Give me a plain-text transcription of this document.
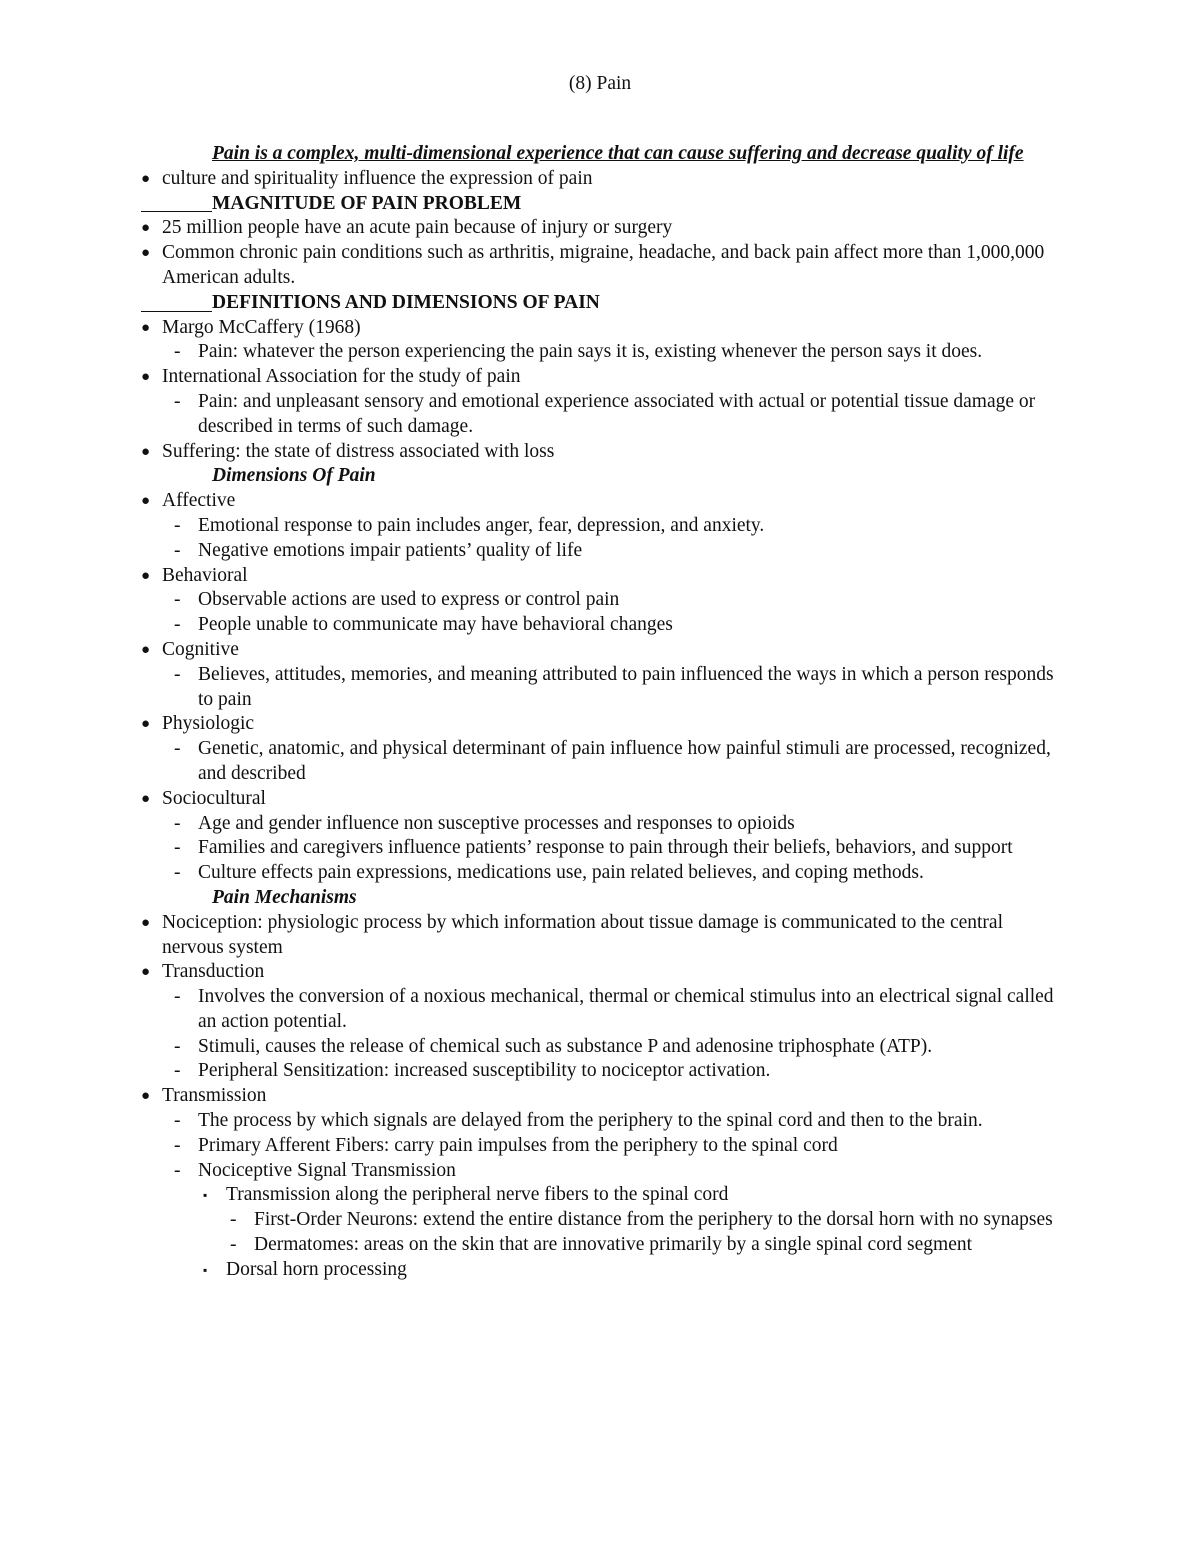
(8) Pain
Pain is a complex, multi-dimensional experience that can cause suffering and decrease quality of life
● culture and spirituality influence the expression of pain
MAGNITUDE OF PAIN PROBLEM
● 25 million people have an acute pain because of injury or surgery
● Common chronic pain conditions such as arthritis, migraine, headache, and back pain affect more than 1,000,000 American adults.
DEFINITIONS AND DIMENSIONS OF PAIN
● Margo McCaffery (1968)
- Pain: whatever the person experiencing the pain says it is, existing whenever the person says it does.
● International Association for the study of pain
- Pain: and unpleasant sensory and emotional experience associated with actual or potential tissue damage or described in terms of such damage.
● Suffering: the state of distress associated with loss
Dimensions Of Pain
● Affective
- Emotional response to pain includes anger, fear, depression, and anxiety.
- Negative emotions impair patients’ quality of life
● Behavioral
- Observable actions are used to express or control pain
- People unable to communicate may have behavioral changes
● Cognitive
- Believes, attitudes, memories, and meaning attributed to pain influenced the ways in which a person responds to pain
● Physiologic
- Genetic, anatomic, and physical determinant of pain influence how painful stimuli are processed, recognized, and described
● Sociocultural
- Age and gender influence non susceptive processes and responses to opioids
- Families and caregivers influence patients’ response to pain through their beliefs, behaviors, and support
- Culture effects pain expressions, medications use, pain related believes, and coping methods.
Pain Mechanisms
● Nociception: physiologic process by which information about tissue damage is communicated to the central nervous system
● Transduction
- Involves the conversion of a noxious mechanical, thermal or chemical stimulus into an electrical signal called an action potential.
- Stimuli, causes the release of chemical such as substance P and adenosine triphosphate (ATP).
- Peripheral Sensitization: increased susceptibility to nociceptor activation.
● Transmission
- The process by which signals are delayed from the periphery to the spinal cord and then to the brain.
- Primary Afferent Fibers: carry pain impulses from the periphery to the spinal cord
- Nociceptive Signal Transmission
▪ Transmission along the peripheral nerve fibers to the spinal cord
- First-Order Neurons: extend the entire distance from the periphery to the dorsal horn with no synapses
- Dermatomes: areas on the skin that are innovative primarily by a single spinal cord segment
▪ Dorsal horn processing
